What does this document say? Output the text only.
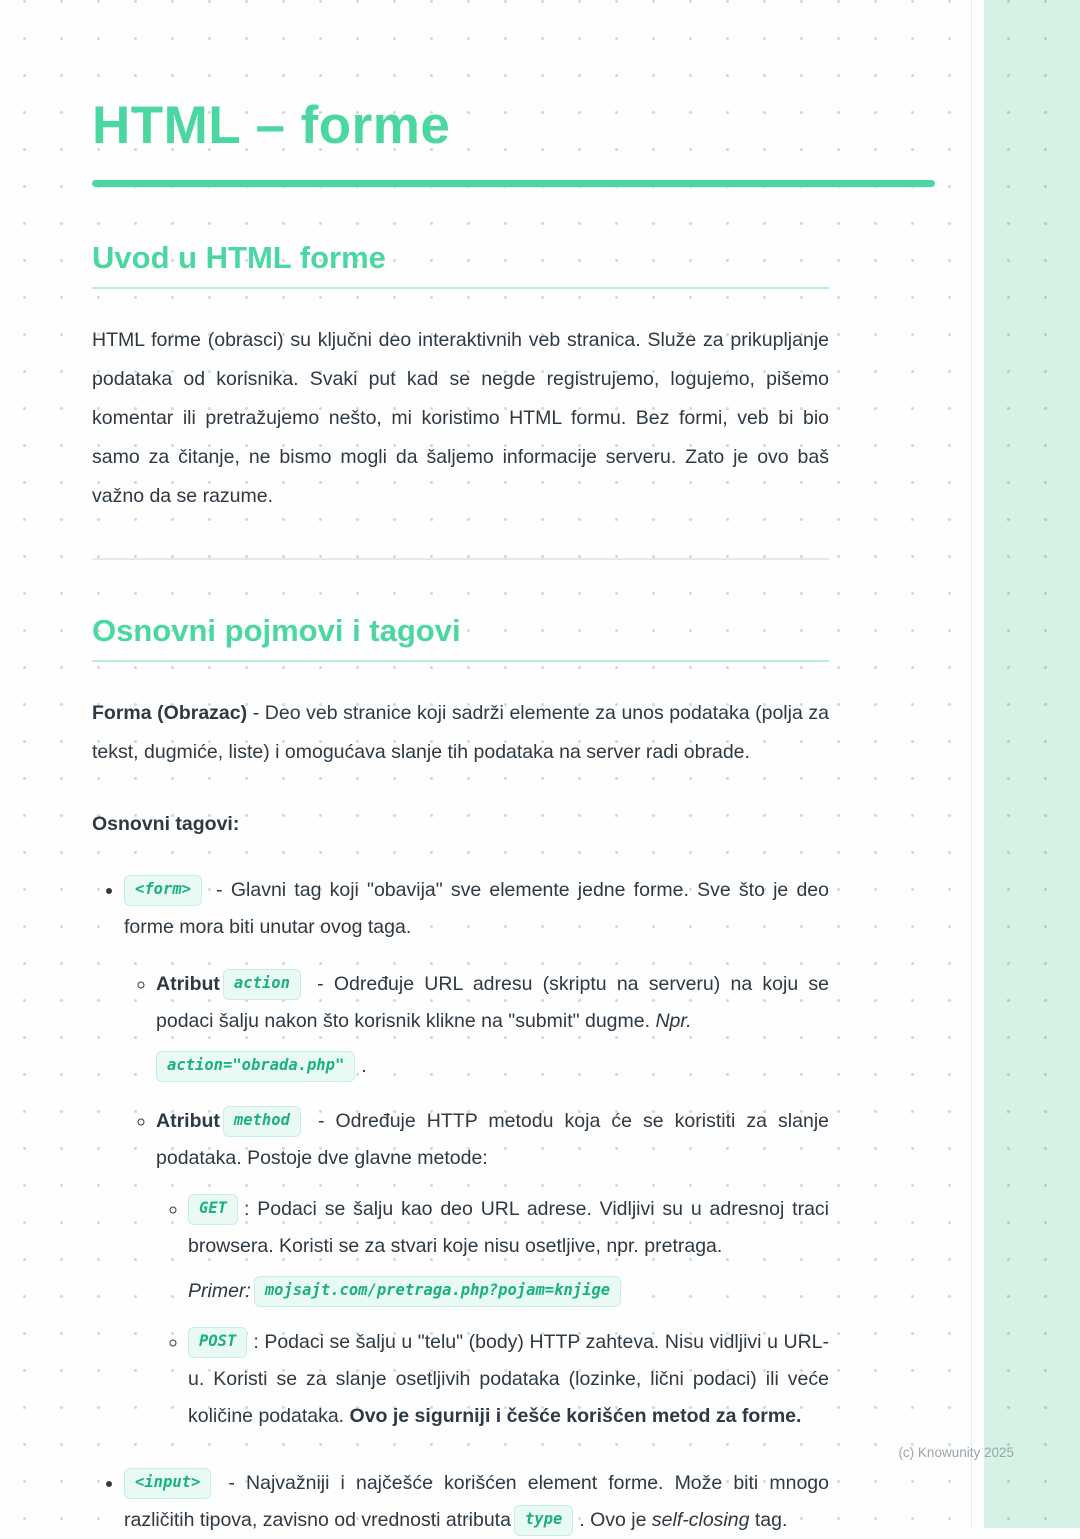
HTML – forme
Uvod u HTML forme

HTML forme (obrasci) su ključni deo interaktivnih veb stranica. Služe za prikupljanje podataka od korisnika. Svaki put kad se negde registrujemo, logujemo, pišemo komentar ili pretražujemo nešto, mi koristimo HTML formu. Bez formi, veb bi bio samo za čitanje, ne bismo mogli da šaljemo informacije serveru. Zato je ovo baš važno da se razume.

Osnovni pojmovi i tagovi

Forma (Obrazac) - Deo veb stranice koji sadrži elemente za unos podataka (polja za tekst, dugmiće, liste) i omogućava slanje tih podataka na server radi obrade.

Osnovni tagovi:

• <form> - Glavni tag koji "obavija" sve elemente jedne forme. Sve što je deo forme mora biti unutar ovog taga.
◦ Atribut action - Određuje URL adresu (skriptu na serveru) na koju se podaci šalju nakon što korisnik klikne na "submit" dugme. Npr.
action="obrada.php" .
◦ Atribut method - Određuje HTTP metodu koja će se koristiti za slanje podataka. Postoje dve glavne metode:
◦ GET : Podaci se šalju kao deo URL adrese. Vidljivi su u adresnoj traci browsera. Koristi se za stvari koje nisu osetljive, npr. pretraga.
Primer: mojsajt.com/pretraga.php?pojam=knjige
◦ POST : Podaci se šalju u "telu" (body) HTTP zahteva. Nisu vidljivi u URL-u. Koristi se za slanje osetljivih podataka (lozinke, lični podaci) ili veće količine podataka. Ovo je sigurniji i češće korišćen metod za forme.
• <input> - Najvažniji i najčešće korišćen element forme. Može biti mnogo različitih tipova, zavisno od vrednosti atributa type . Ovo je self-closing tag.
(c) Knowunity 2025
